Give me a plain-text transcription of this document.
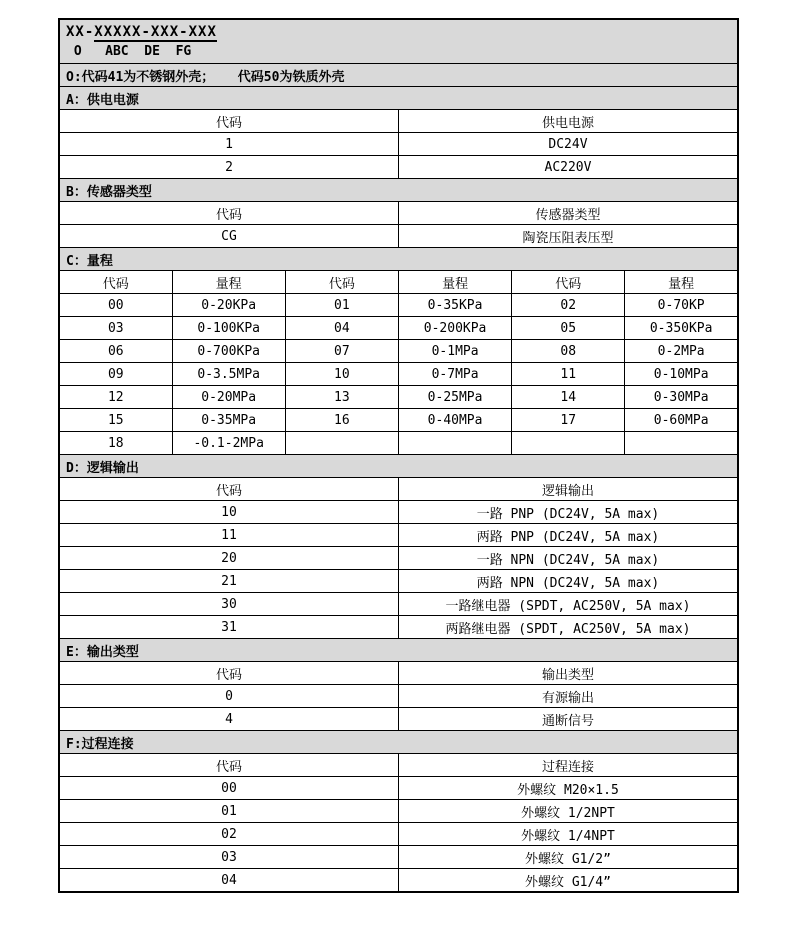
XX-XXXXX-XXX-XXX
O   ABC  DE  FG					

O:代码41为不锈钢外壳；   代码50为铁质外壳					
A：供电电源					
代码			供电电源		
1			DC24V		
2			AC220V		
B：传感器类型					
代码			传感器类型		
CG			陶瓷压阻表压型		
C：量程					
代码	量程	代码	量程	代码	量程
00	0-20KPa	01	0-35KPa	02	0-70KP
03	0-100KPa	04	0-200KPa	05	0-350KPa
06	0-700KPa	07	0-1MPa	08	0-2MPa
09	0-3.5MPa	10	0-7MPa	11	0-10MPa
12	0-20MPa	13	0-25MPa	14	0-30MPa
15	0-35MPa	16	0-40MPa	17	0-60MPa
18	-0.1-2MPa				
D：逻辑输出					
代码			逻辑输出		
10			一路 PNP (DC24V, 5A max)		
11			两路 PNP (DC24V, 5A max)		
20			一路 NPN (DC24V, 5A max)		
21			两路 NPN (DC24V, 5A max)		
30			一路继电器 (SPDT, AC250V, 5A max)		
31			两路继电器 (SPDT, AC250V, 5A max)		
E：输出类型					
代码			输出类型		
0			有源输出		
4			通断信号		
F:过程连接					
代码			过程连接		
00			外螺纹 M20×1.5		
01			外螺纹 1/2NPT		
02			外螺纹 1/4NPT		
03			外螺纹 G1/2”		
04			外螺纹 G1/4”		
